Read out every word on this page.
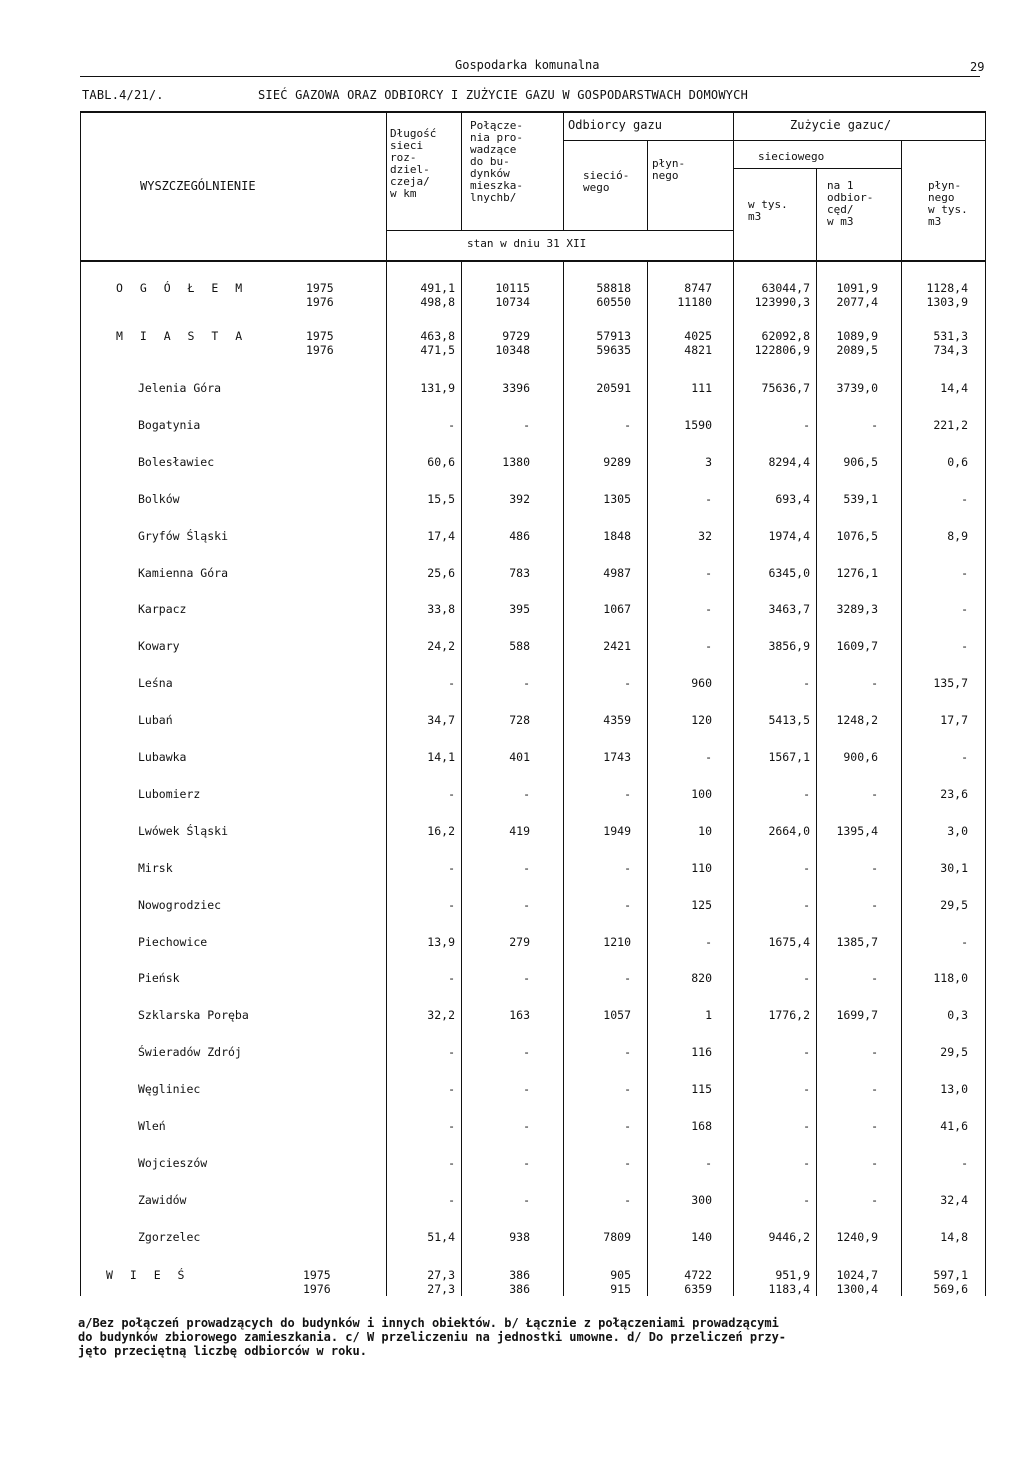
Gospodarka komunalna	29
TABL.4/21/.	SIEĆ GAZOWA ORAZ ODBIORCY I ZUŻYCIE GAZU W GOSPODARSTWACH DOMOWYCH
WYSZCZEGÓLNIENIE
Długość
sieci
roz-
dziel-
czeja/
w km
Połącze-
nia pro-
wadzące
do bu-
dynków
mieszka-
lnychb/
Odbiorcy gazu
sieció-
wego
płyn-
nego
Zużycie gazuc/
sieciowego
w tys.
m3
na 1
odbior-
cęd/
w m3
płyn-
nego
w tys.
m3
stan w dniu 31 XII
O G Ó Ł E M	1975	491,1	10115	58818	8747	63044,7 1091,9	1128,4
1976	498,8	10734	60550	11180	123990,3 2077,4	1303,9
M I A S T A	1975	463,8	9729	57913	4025	62092,8 1089,9	531,3
1976	471,5	10348	59635	4821	122806,9 2089,5	734,3
Jelenia Góra	131,9	3396	20591	111	75636,7 3739,0	14,4
Bogatynia	-	-	-	1590	-	-	221,2
Bolesławiec	60,6	1380	9289	3	8294,4	906,5	0,6
Bolków	15,5	392	1305	-	693,4	539,1	-
Gryfów Śląski	17,4	486	1848	32	1974,4 1076,5	8,9
Kamienna Góra	25,6	783	4987	-	6345,0 1276,1	-
Karpacz	33,8	395	1067	-	3463,7 3289,3	-
Kowary	24,2	588	2421	-	3856,9 1609,7	-
Leśna	-	-	-	960	-	-	135,7
Lubań	34,7	728	4359	120	5413,5 1248,2	17,7
Lubawka	14,1	401	1743	-	1567,1	900,6	-
Lubomierz	-	-	-	100	-	-	23,6
Lwówek Śląski	16,2	419	1949	10	2664,0 1395,4	3,0
Mirsk	-	-	-	110	-	-	30,1
Nowogrodziec	-	-	-	125	-	-	29,5
Piechowice	13,9	279	1210	-	1675,4 1385,7	-
Pieńsk	-	-	-	820	-	-	118,0
Szklarska Poręba	32,2	163	1057	1	1776,2 1699,7	0,3
Świeradów Zdrój	-	-	-	116	-	-	29,5
Węgliniec	-	-	-	115	-	-	13,0
Wleń	-	-	-	168	-	-	41,6
Wojcieszów	-	-	-	-	-	-	-
Zawidów	-	-	-	300	-	-	32,4
Zgorzelec	51,4	938	7809	140	9446,2 1240,9	14,8
W I E Ś	1975	27,3	386	905	4722	951,9 1024,7	597,1
1976	27,3	386	915	6359	1183,4 1300,4	569,6
a/Bez połączeń prowadzących do budynków i innych obiektów. b/ Łącznie z połączeniami prowadzącymi
do budynków zbiorowego zamieszkania. c/ W przeliczeniu na jednostki umowne. d/ Do przeliczeń przy-
jęto przeciętną liczbę odbiorców w roku.
